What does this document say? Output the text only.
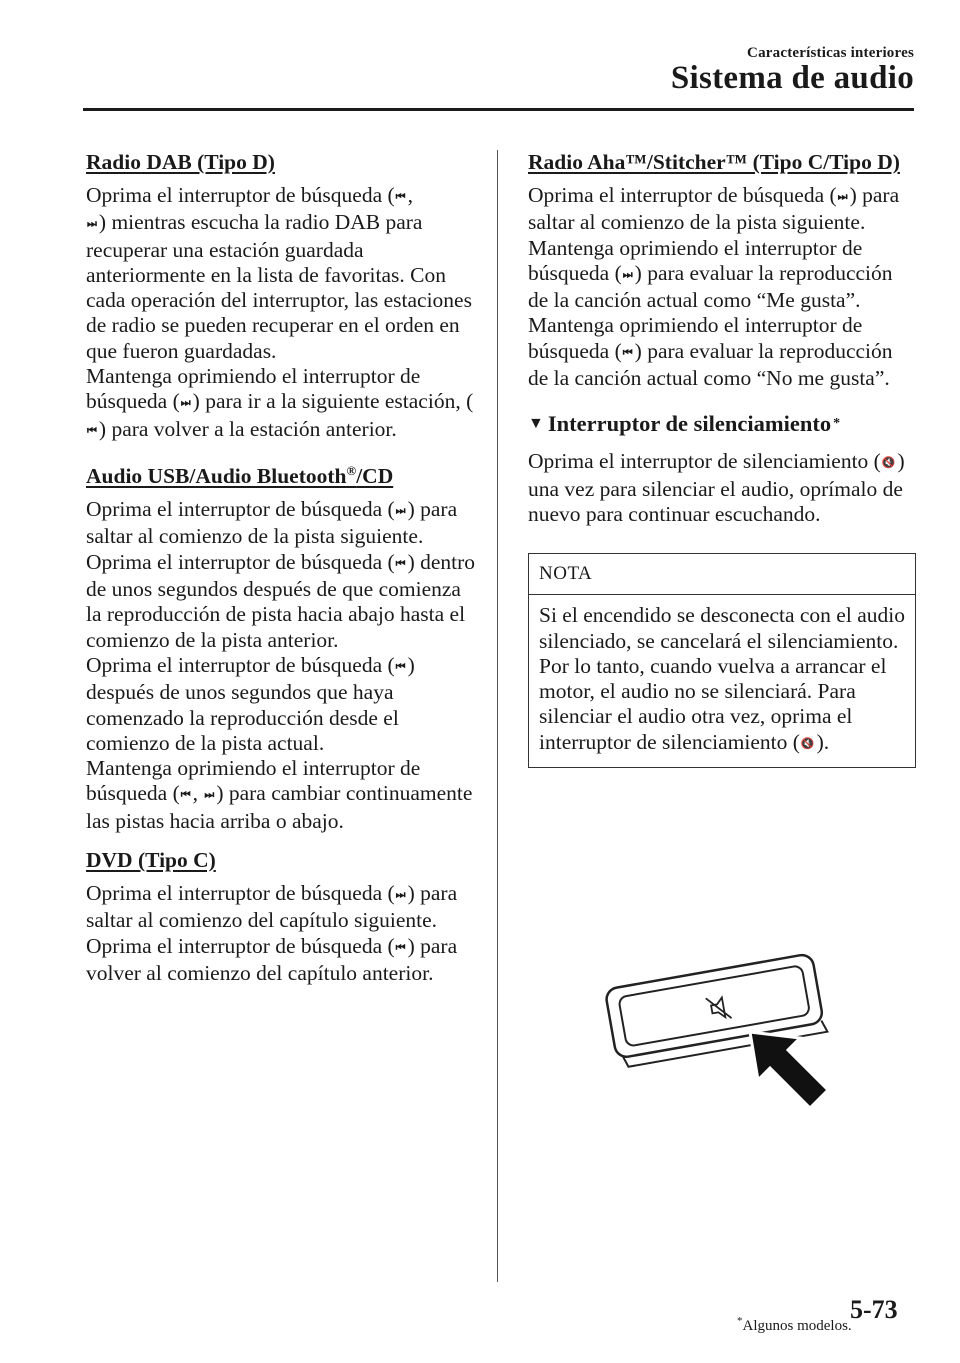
Características interiores
Sistema de audio
Radio DAB (Tipo D)

Oprima el interruptor de búsqueda (⏮ ,
⏭ ) mientras escucha la radio DAB para recuperar una estación guardada anteriormente en la lista de favoritas. Con cada operación del interruptor, las estaciones de radio se pueden recuperar en el orden en que fueron guardadas.

Mantenga oprimiendo el interruptor de búsqueda (⏭ ) para ir a la siguiente estación, (⏮ ) para volver a la estación anterior.

Audio USB/Audio Bluetooth®/CD

Oprima el interruptor de búsqueda (⏭ ) para saltar al comienzo de la pista siguiente.

Oprima el interruptor de búsqueda (⏮ ) dentro de unos segundos después de que comienza la reproducción de pista hacia abajo hasta el comienzo de la pista anterior.

Oprima el interruptor de búsqueda (⏮ ) después de unos segundos que haya comenzado la reproducción desde el comienzo de la pista actual.

Mantenga oprimiendo el interruptor de búsqueda (⏮ , ⏭ ) para cambiar continuamente las pistas hacia arriba o abajo.

DVD (Tipo C)

Oprima el interruptor de búsqueda (⏭ ) para saltar al comienzo del capítulo siguiente.

Oprima el interruptor de búsqueda (⏮ ) para volver al comienzo del capítulo anterior.

Radio Aha™/Stitcher™ (Tipo C/Tipo D)

Oprima el interruptor de búsqueda (⏭ ) para saltar al comienzo de la pista siguiente.

Mantenga oprimiendo el interruptor de búsqueda (⏭ ) para evaluar la reproducción de la canción actual como “Me gusta”.

Mantenga oprimiendo el interruptor de búsqueda (⏮ ) para evaluar la reproducción de la canción actual como “No me gusta”.

▼ Interruptor de silenciamiento *

Oprima el interruptor de silenciamiento (🔇 ) una vez para silenciar el audio, oprímalo de nuevo para continuar escuchando.

NOTA

Si el encendido se desconecta con el audio silenciado, se cancelará el silenciamiento. Por lo tanto, cuando vuelva a arrancar el motor, el audio no se silenciará. Para silenciar el audio otra vez, oprima el interruptor de silenciamiento (🔇 ).

*Algunos modelos.
5-73
